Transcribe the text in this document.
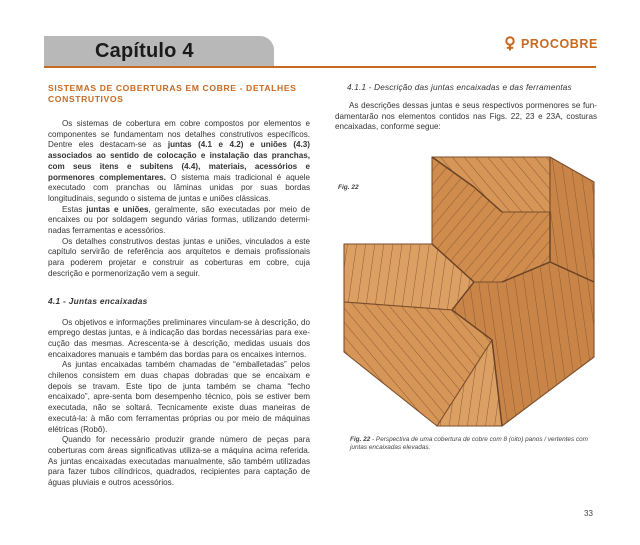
Capítulo 4	PROCOBRE

SISTEMAS DE COBERTURAS EM COBRE - DETALHES CONSTRUTIVOS

Os sistemas de cobertura em cobre compostos por elementos e componentes se fundamentam nos detalhes construtivos específicos. Dentre eles destacam-se as juntas (4.1 e 4.2) e uniões (4.3) associados ao sentido de colocação e instalação das pranchas, com seus itens e subitens (4.4), materiais, acessórios e pormenores complementares. O sistema mais tradicional é aquele executado com pranchas ou lâminas unidas por suas bordas longitudinais, segundo o sistema de juntas e uniões clássicas.

Estas juntas e uniões, geralmente, são executadas por meio de encaixes ou por soldagem segundo várias formas, utilizando determi-nadas ferramentas e acessórios.

Os detalhes construtivos destas juntas e uniões, vinculados a este capítulo servirão de referência aos arquitetos e demais profissionais para poderem projetar e construir as coberturas em cobre, cuja descrição e pormenorização vem a seguir.

4.1 - Juntas encaixadas

Os objetivos e informações preliminares vinculam-se à descrição, do emprego destas juntas, e à indicação das bordas necessárias para exe-cução das mesmas. Acrescenta-se à descrição, medidas usuais dos encaixadores manuais e também das bordas para os encaixes internos.

As juntas encaixadas também chamadas de “emballetadas” pelos chilenos consistem em duas chapas dobradas que se encaixam e depois se travam. Este tipo de junta também se chama “fecho encaixado”, apre-senta bom desempenho técnico, pois se estiver bem executada, não se soltará. Tecnicamente existe duas maneiras de executá-la: à mão com ferramentas próprias ou por meio de máquinas elétricas (Robô).

Quando for necessário produzir grande número de peças para coberturas com áreas significativas utiliza-se a máquina acima referida. As juntas encaixadas executadas manualmente, são também utilizadas para fazer tubos cilíndricos, quadrados, recipientes para captação de águas pluviais e outros acessórios.

4.1.1 - Descrição das juntas encaixadas e das ferramentas

As descrições dessas juntas e seus respectivos pormenores se fun-damentarão nos elementos contidos nas Figs. 22, 23 e 23A, costuras encaixadas, conforme segue:

Fig. 22
Fig. 22 - Perspectiva de uma cobertura de cobre com 8 (oito) panos / vertentes com juntas encaixadas elevadas.
33
